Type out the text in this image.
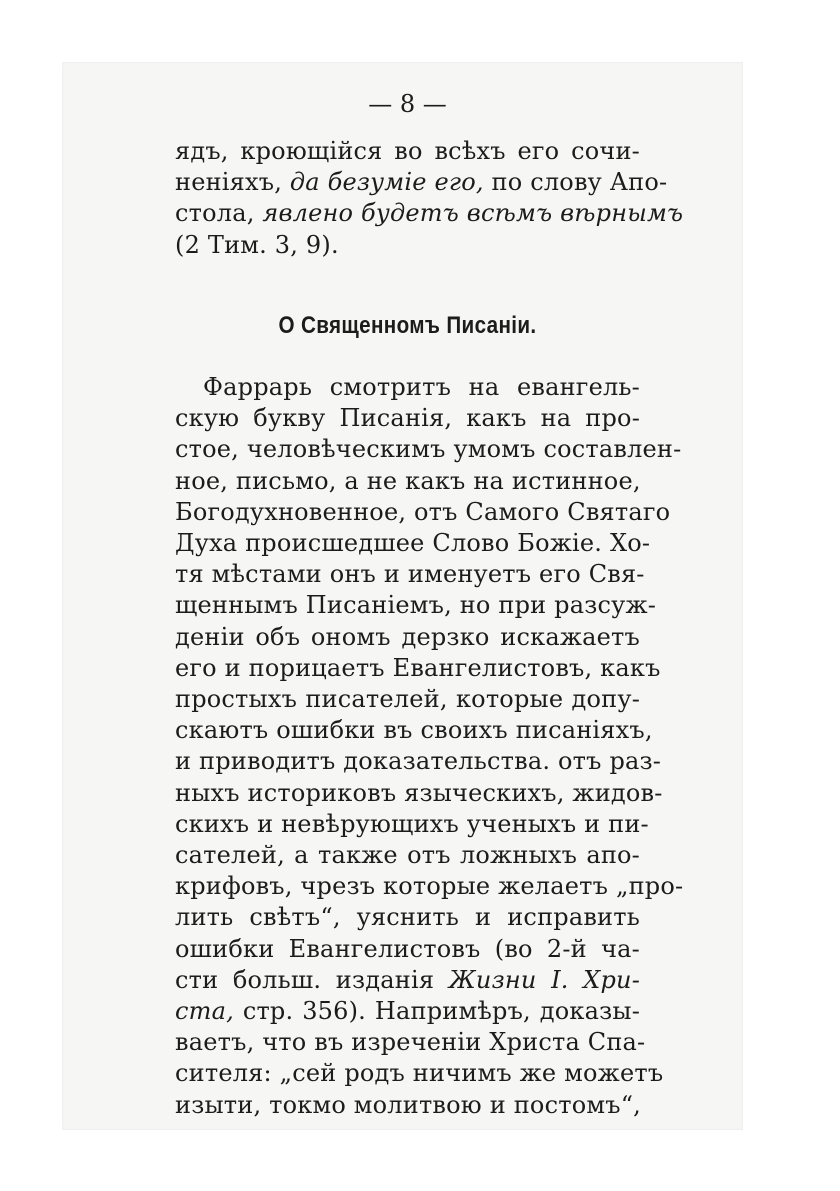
— 8 —
ядъ, кроющійся во всѣхъ его сочи-
неніяхъ, да безуміе его, по слову Апо-
стола, явлено будетъ всѣмъ вѣрнымъ
(2 Тим. 3, 9).
О Священномъ Писаніи.
Фаррарь смотритъ на евангель-
скую букву Писанія, какъ на про-
стое, человѣческимъ умомъ составлен-
ное, письмо, а не какъ на истинное,
Богодухновенное, отъ Самого Святаго
Духа происшедшее Слово Божіе. Хо-
тя мѣстами онъ и именуетъ его Свя-
щеннымъ Писаніемъ, но при разсуж-
деніи объ ономъ дерзко искажаетъ
его и порицаетъ Евангелистовъ, какъ
простыхъ писателей, которые допу-
скаютъ ошибки въ своихъ писаніяхъ,
и приводитъ доказательства. отъ раз-
ныхъ историковъ языческихъ, жидов-
скихъ и невѣрующихъ ученыхъ и пи-
сателей, а также отъ ложныхъ апо-
крифовъ, чрезъ которые желаетъ „про-
лить свѣтъ“, уяснить и исправить
ошибки Евангелистовъ (во 2-й ча-
сти больш. изданія Жизни І. Хри-
ста, стр. 356). Напримѣръ, доказы-
ваетъ, что въ изреченіи Христа Спа-
сителя: „сей родъ ничимъ же можетъ
изыти, токмо молитвою и постомъ“,
